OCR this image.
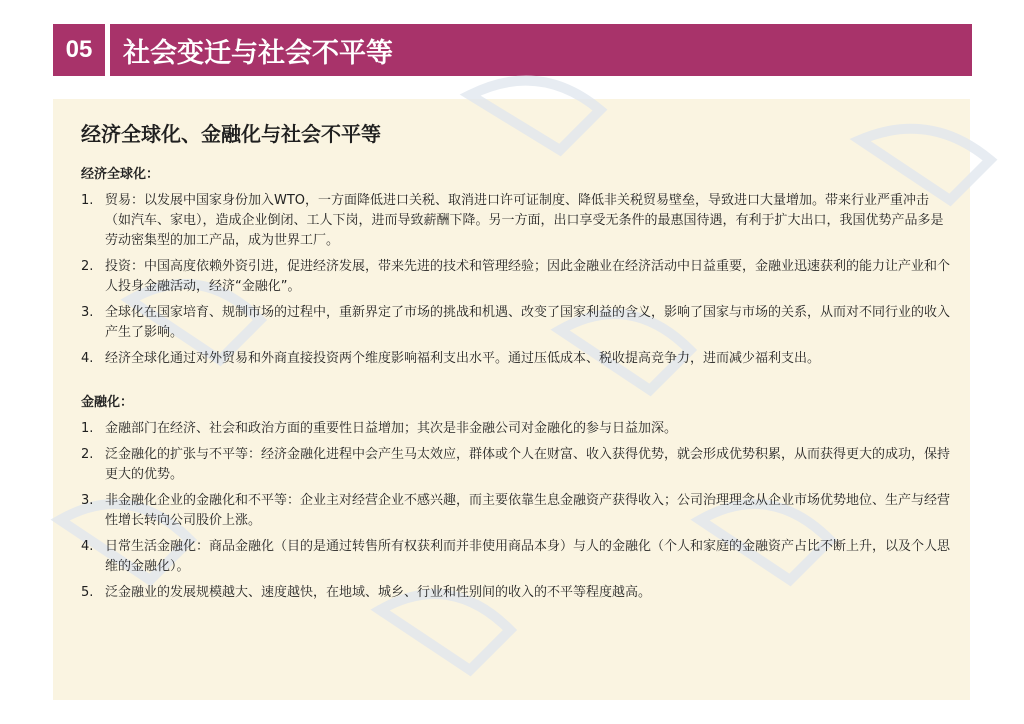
05	社会变迁与社会不平等
经济全球化、金融化与社会不平等
经济全球化：
1. 贸易：以发展中国家身份加入WTO，一方面降低进口关税、取消进口许可证制度、降低非关税贸易壁垒，导致进口大量增加。带来行业严重冲击（如汽车、家电），造成企业倒闭、工人下岗，进而导致薪酬下降。另一方面，出口享受无条件的最惠国待遇，有利于扩大出口，我国优势产品多是劳动密集型的加工产品，成为世界工厂。
2. 投资：中国高度依赖外资引进，促进经济发展，带来先进的技术和管理经验；因此金融业在经济活动中日益重要，金融业迅速获利的能力让产业和个人投身金融活动，经济“金融化”。
3. 全球化在国家培育、规制市场的过程中，重新界定了市场的挑战和机遇、改变了国家利益的含义，影响了国家与市场的关系，从而对不同行业的收入产生了影响。
4. 经济全球化通过对外贸易和外商直接投资两个维度影响福利支出水平。通过压低成本、税收提高竞争力，进而减少福利支出。
金融化：
1. 金融部门在经济、社会和政治方面的重要性日益增加；其次是非金融公司对金融化的参与日益加深。
2. 泛金融化的扩张与不平等：经济金融化进程中会产生马太效应，群体或个人在财富、收入获得优势，就会形成优势积累，从而获得更大的成功，保持更大的优势。
3. 非金融化企业的金融化和不平等：企业主对经营企业不感兴趣，而主要依靠生息金融资产获得收入；公司治理理念从企业市场优势地位、生产与经营性增长转向公司股价上涨。
4. 日常生活金融化：商品金融化（目的是通过转售所有权获利而并非使用商品本身）与人的金融化（个人和家庭的金融资产占比不断上升，以及个人思维的金融化）。
5. 泛金融业的发展规模越大、速度越快，在地域、城乡、行业和性别间的收入的不平等程度越高。
